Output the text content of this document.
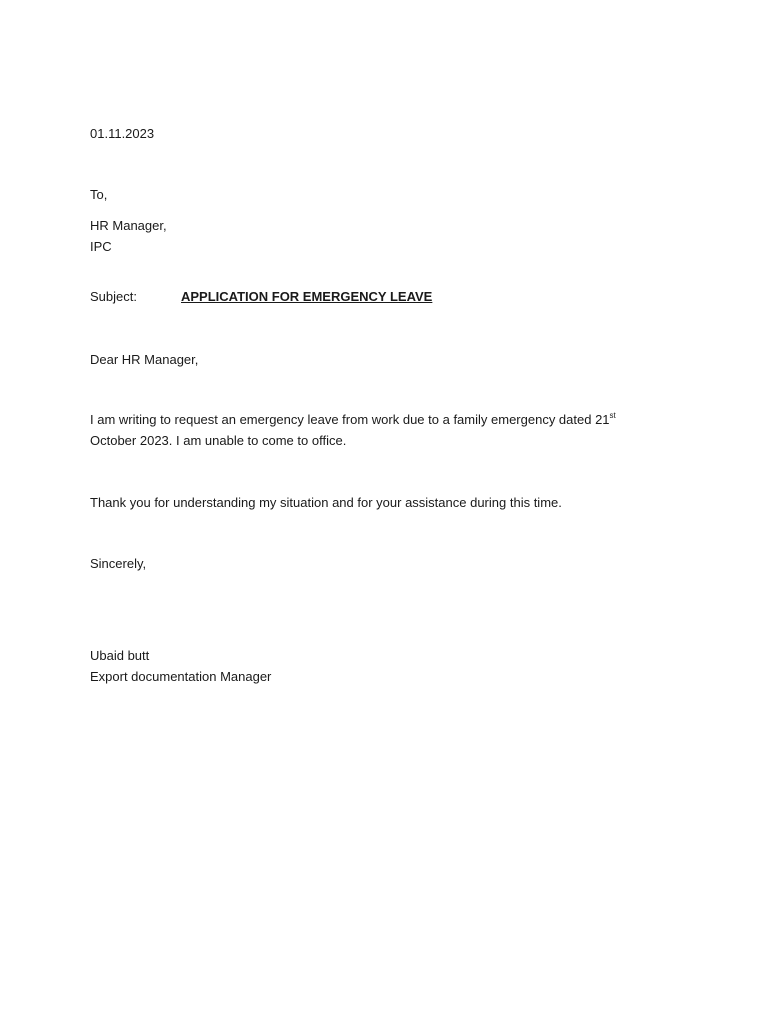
01.11.2023
To,
HR Manager,
IPC
Subject:	APPLICATION FOR EMERGENCY LEAVE
Dear HR Manager,
I am writing to request an emergency leave from work due to a family emergency dated 21st
October 2023. I am unable to come to office.
Thank you for understanding my situation and for your assistance during this time.
Sincerely,
Ubaid butt
Export documentation Manager
